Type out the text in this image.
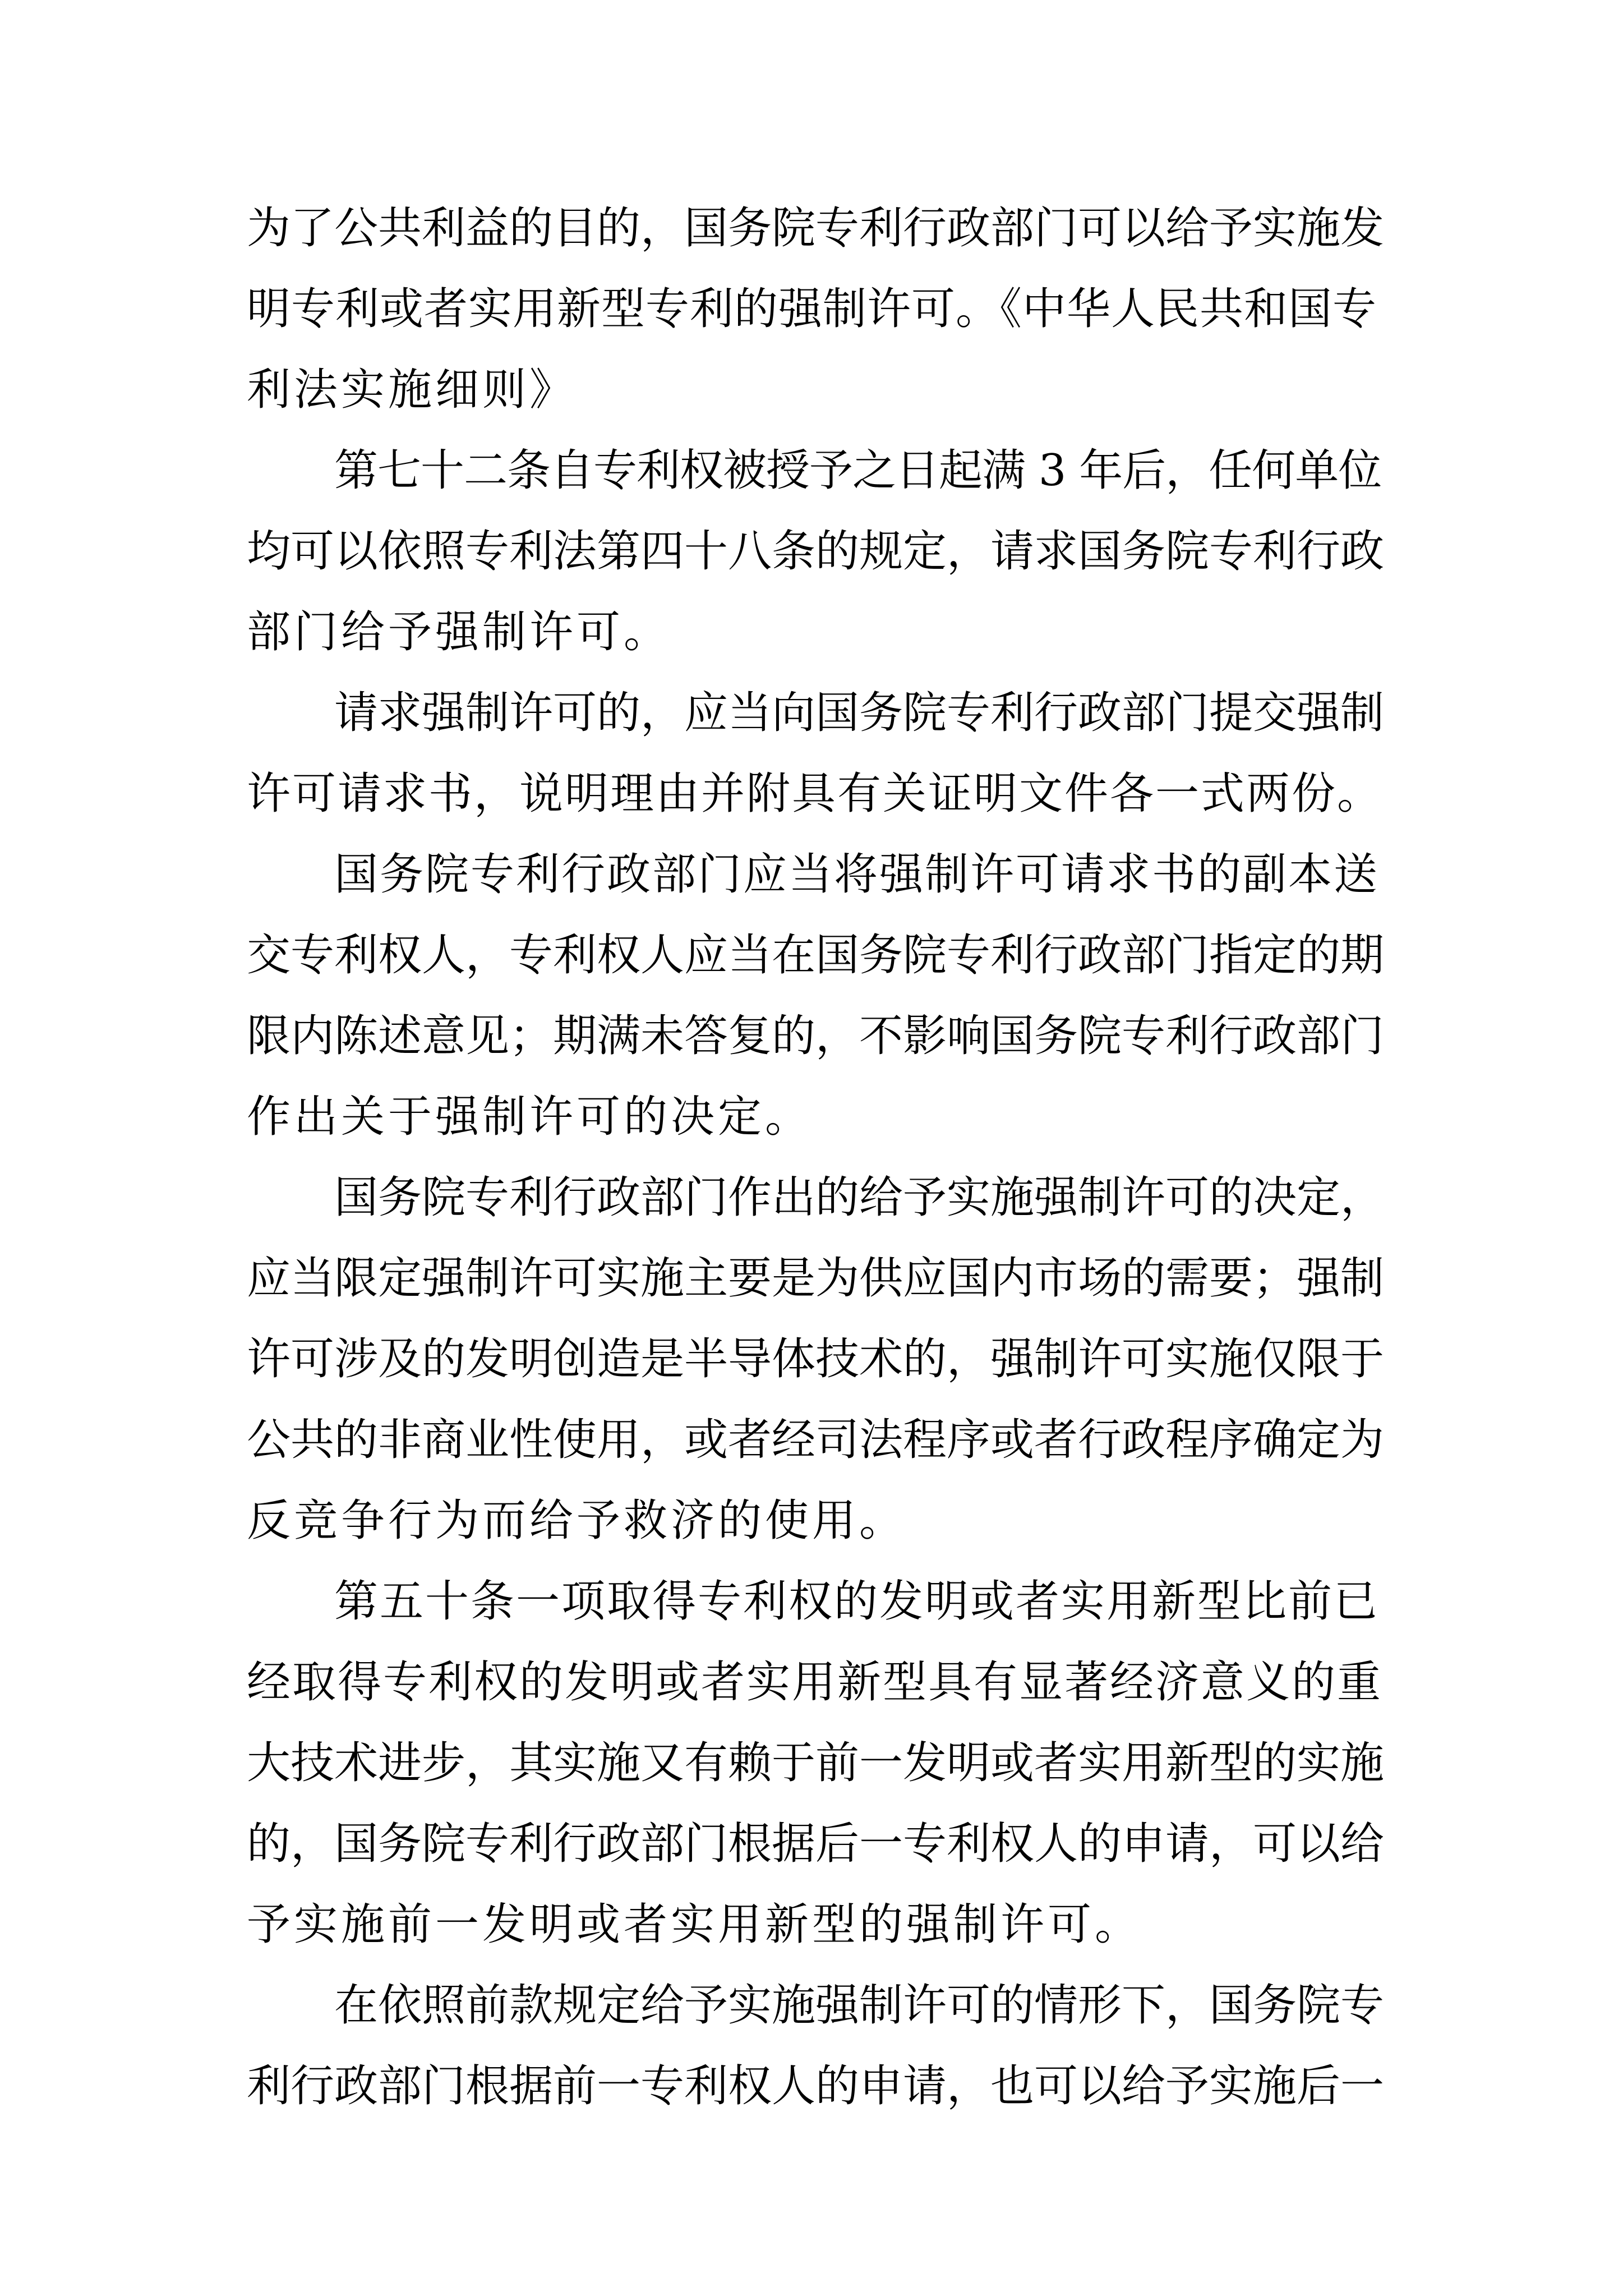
为了公共利益的目的，国务院专利行政部门可以给予实施发
明专利或者实用新型专利的强制许可。《中华人民共和国专
利法实施细则》
第七十二条自专利权被授予之日起满 3 年后，任何单位
均可以依照专利法第四十八条的规定，请求国务院专利行政
部门给予强制许可。
请求强制许可的，应当向国务院专利行政部门提交强制
许可请求书，说明理由并附具有关证明文件各一式两份。
国务院专利行政部门应当将强制许可请求书的副本送
交专利权人，专利权人应当在国务院专利行政部门指定的期
限内陈述意见；期满未答复的，不影响国务院专利行政部门
作出关于强制许可的决定。
国务院专利行政部门作出的给予实施强制许可的决定，
应当限定强制许可实施主要是为供应国内市场的需要；强制
许可涉及的发明创造是半导体技术的，强制许可实施仅限于
公共的非商业性使用，或者经司法程序或者行政程序确定为
反竞争行为而给予救济的使用。
第五十条一项取得专利权的发明或者实用新型比前已
经取得专利权的发明或者实用新型具有显著经济意义的重
大技术进步，其实施又有赖于前一发明或者实用新型的实施
的，国务院专利行政部门根据后一专利权人的申请，可以给
予实施前一发明或者实用新型的强制许可。
在依照前款规定给予实施强制许可的情形下，国务院专
利行政部门根据前一专利权人的申请，也可以给予实施后一
